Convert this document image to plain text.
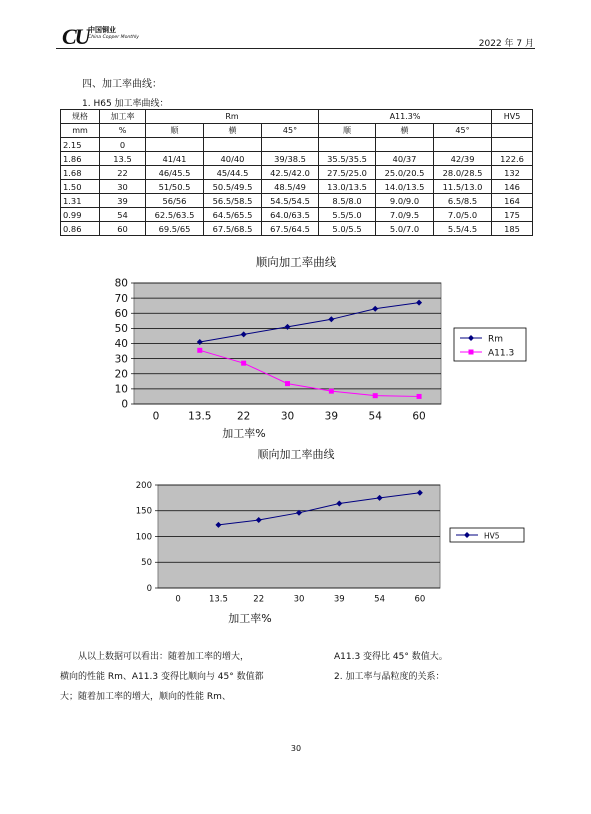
CU 中国铜业
China Copper Monthly
2022 年 7 月
四、加工率曲线：
1. H65 加工率曲线：
规格	加工率	Rm			A11.3%			HV5
mm	%	顺	横	45°	顺	横	45°	
2.15	0							
1.86	13.5	41/41	40/40	39/38.5	35.5/35.5	40/37	42/39	122.6
1.68	22	46/45.5	45/44.5	42.5/42.0	27.5/25.0	25.0/20.5	28.0/28.5	132
1.50	30	51/50.5	50.5/49.5	48.5/49	13.0/13.5	14.0/13.5	11.5/13.0	146
1.31	39	56/56	56.5/58.5	54.5/54.5	8.5/8.0	9.0/9.0	6.5/8.5	164
0.99	54	62.5/63.5	64.5/65.5	64.0/63.5	5.5/5.0	7.0/9.5	7.0/5.0	175
0.86	60	69.5/65	67.5/68.5	67.5/64.5	5.0/5.5	5.0/7.0	5.5/4.5	185
顺向加工率曲线
0
10
20
30
40
50
60
70
80
0	13.5 22	30	39	54	60
加工率%
Rm
A11.3
顺向加工率曲线
0
50
100
150
200
0	13.5	22	30	39	54	60
加工率%
HV5
从以上数据可以看出：随着加工率的增大，
横向的性能 Rm、A11.3 变得比顺向与 45° 数值都
大；随着加工率的增大，顺向的性能 Rm、
A11.3 变得比 45° 数值大。
2. 加工率与晶粒度的关系：
30
